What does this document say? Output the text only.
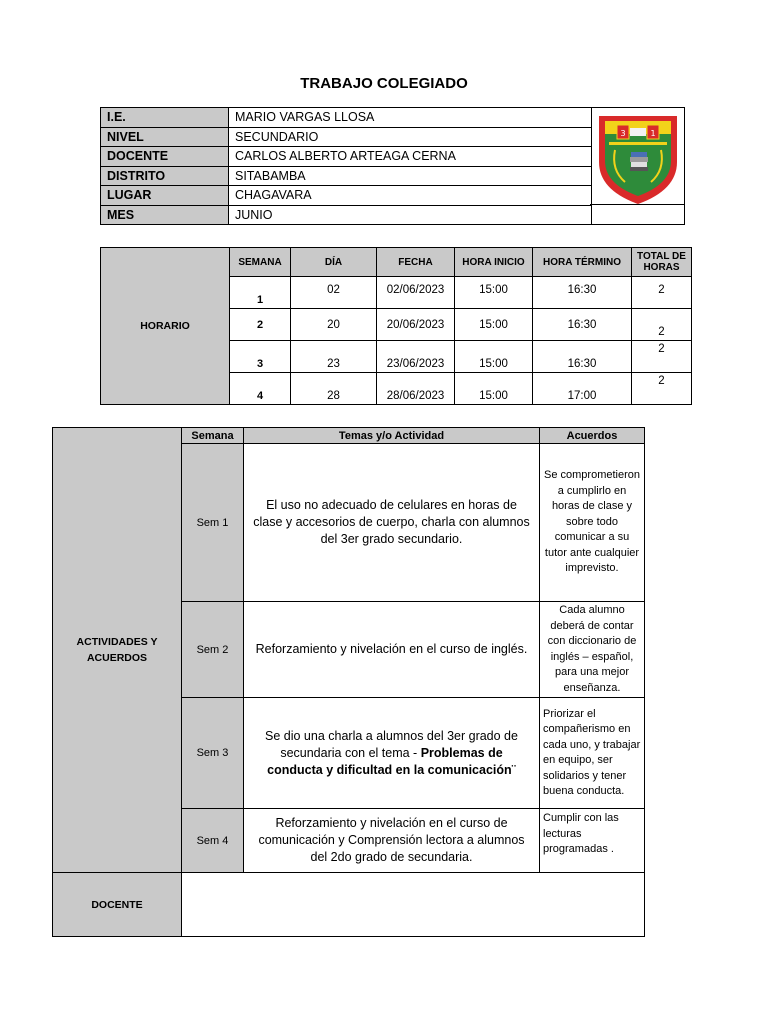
TRABAJO COLEGIADO
I.E.	MARIO VARGAS LLOSA
NIVEL	SECUNDARIO
DOCENTE	CARLOS ALBERTO ARTEAGA CERNA
DISTRITO	SITABAMBA
LUGAR	CHAGAVARA
MES	JUNIO
3	1
HORARIO	SEMANA	DÍA	FECHA	HORA INICIO	HORA TÉRMINO	TOTAL DE HORAS
	1	02	02/06/2023	15:00	16:30	2
	2	20	20/06/2023	15:00	16:30	2
	3	23	23/06/2023	15:00	16:30	2
	4	28	28/06/2023	15:00	17:00	2
ACTIVIDADES Y ACUERDOS	Semana	Temas y/o Actividad	Acuerdos
	Sem 1	El uso no adecuado de celulares en horas de clase y accesorios de cuerpo, charla con alumnos del 3er grado secundario.	Se comprometieron a cumplirlo en horas de clase y sobre todo comunicar a su tutor ante cualquier imprevisto.
	Sem 2	Reforzamiento y nivelación en el curso de inglés.	Cada alumno deberá de contar con diccionario de inglés – español, para una mejor enseñanza.
	Sem 3	Se dio una charla a alumnos del 3er grado de secundaria con el tema - Problemas de conducta y dificultad en la comunicación¨	Priorizar el compañerismo en cada uno, y trabajar en equipo, ser solidarios y tener buena conducta.
	Sem 4	Reforzamiento y nivelación en el curso de comunicación y Comprensión lectora a alumnos del 2do grado de secundaria.	Cumplir con las lecturas programadas .
DOCENTE			
